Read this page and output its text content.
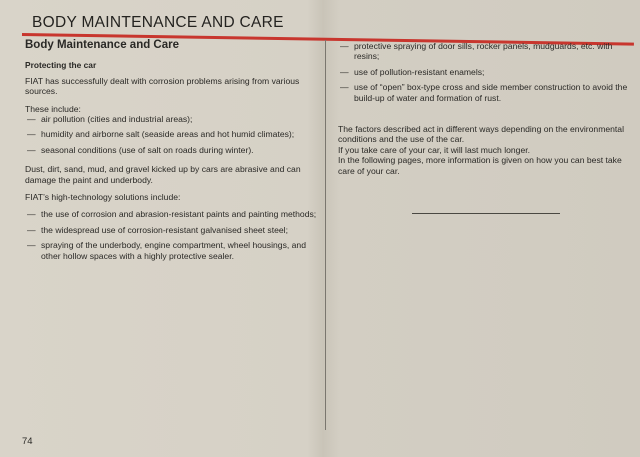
BODY MAINTENANCE AND CARE
Body Maintenance and Care
Protecting the car

FIAT has successfully dealt with corrosion problems arising from various sources.

These include:

— air pollution (cities and industrial areas);
— humidity and airborne salt (seaside areas and hot humid climates);
— seasonal conditions (use of salt on roads during winter).

Dust, dirt, sand, mud, and gravel kicked up by cars are abrasive and can damage the paint and underbody.

FIAT’s high-technology solutions include:

— the use of corrosion and abrasion-resistant paints and painting methods;
— the widespread use of corrosion-resistant galvanised sheet steel;
— spraying of the underbody, engine compartment, wheel housings, and other hollow spaces with a highly protective sealer.
— protective spraying of door sills, rocker panels, mudguards, etc. with resins;
— use of pollution-resistant enamels;
— use of “open” box-type cross and side member construction to avoid the build-up of water and formation of rust.

The factors described act in different ways depending on the environmental conditions and the use of the car.

If you take care of your car, it will last much longer.

In the following pages, more information is given on how you can best take care of your car.

74
